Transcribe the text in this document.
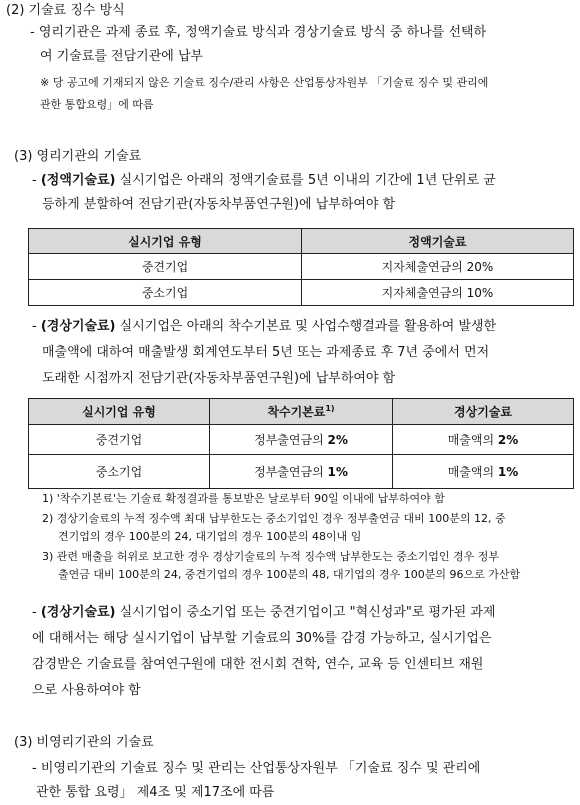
(2) 기술료 징수 방식
- 영리기관은 과제 종료 후, 정액기술료 방식과 경상기술료 방식 중 하나를 선택하
여 기술료를 전담기관에 납부
※ 당 공고에 기재되지 않은 기술료 징수/관리 사항은 산업통상자원부 「기술료 징수 및 관리에
관한 통합요령」에 따름
(3) 영리기관의 기술료
- (정액기술료) 실시기업은 아래의 정액기술료를 5년 이내의 기간에 1년 단위로 균
등하게 분할하여 전담기관(자동차부품연구원)에 납부하여야 함
실시기업 유형	정액기술료
중견기업	지자체출연금의 20%
중소기업	지자체출연금의 10%
- (경상기술료) 실시기업은 아래의 착수기본료 및 사업수행결과를 활용하여 발생한
매출액에 대하여 매출발생 회계연도부터 5년 또는 과제종료 후 7년 중에서 먼저
도래한 시점까지 전담기관(자동차부품연구원)에 납부하여야 함
실시기업 유형	착수기본료$^{1)}$	경상기술료
중견기업	정부출연금의 2%	매출액의 2%
중소기업	정부출연금의 1%	매출액의 1%
1) '착수기본료'는 기술료 확정결과를 통보받은 날로부터 90일 이내에 납부하여야 함
2) 경상기술료의 누적 징수액 최대 납부한도는 중소기업인 경우 정부출연금 대비 100분의 12, 중
견기업의 경우 100분의 24, 대기업의 경우 100분의 48이내 임
3) 관련 매출을 허위로 보고한 경우 경상기술료의 누적 징수액 납부한도는 중소기업인 경우 정부
출연금 대비 100분의 24, 중견기업의 경우 100분의 48, 대기업의 경우 100분의 96으로 가산함
- (경상기술료) 실시기업이 중소기업 또는 중견기업이고 "혁신성과"로 평가된 과제
에 대해서는 해당 실시기업이 납부할 기술료의 30%를 감경 가능하고, 실시기업은
감경받은 기술료를 참여연구원에 대한 전시회 견학, 연수, 교육 등 인센티브 재원
으로 사용하여야 함
(3) 비영리기관의 기술료
- 비영리기관의 기술료 징수 및 관리는 산업통상자원부 「기술료 징수 및 관리에
관한 통합 요령」 제4조 및 제17조에 따름
